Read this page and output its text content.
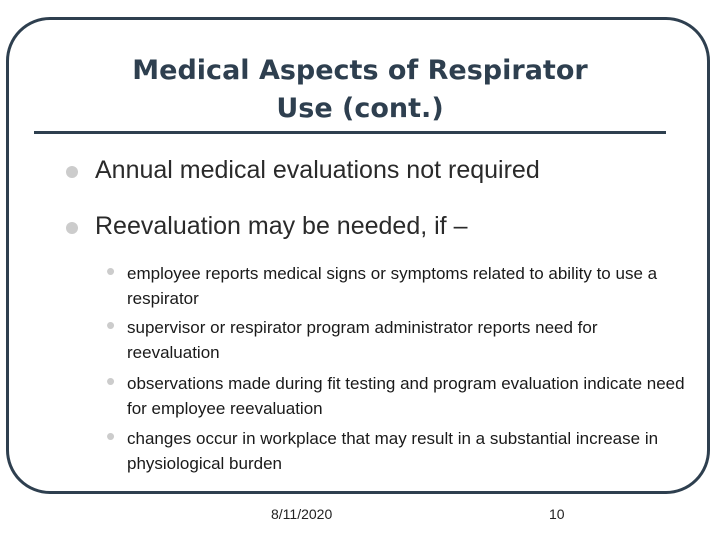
Medical Aspects of Respirator
Use (cont.)
Annual medical evaluations not required
Reevaluation may be needed, if –
• employee reports medical signs or symptoms related to ability to use a respirator
• supervisor or respirator program administrator reports need for reevaluation
• observations made during fit testing and program evaluation indicate need for employee reevaluation
• changes occur in workplace that may result in a substantial increase in physiological burden
8/11/2020	10
